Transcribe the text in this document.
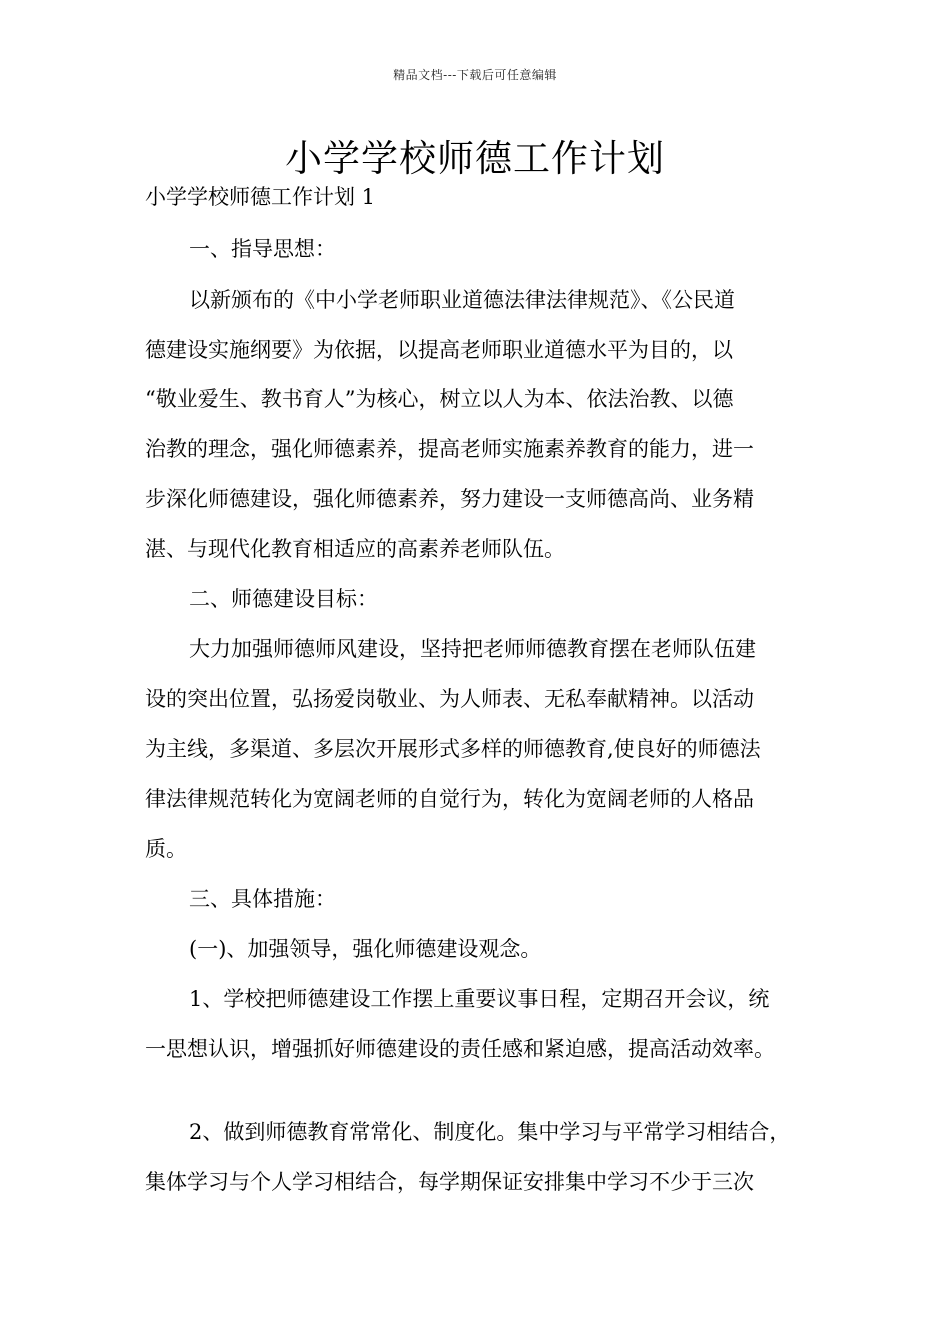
精品文档---下载后可任意编辑
小学学校师德工作计划
小学学校师德工作计划 1
一、指导思想：
以新颁布的《中小学老师职业道德法律法律规范》、《公民道
德建设实施纲要》为依据，以提高老师职业道德水平为目的，以
“敬业爱生、教书育人”为核心，树立以人为本、依法治教、以德
治教的理念，强化师德素养，提高老师实施素养教育的能力，进一
步深化师德建设，强化师德素养，努力建设一支师德高尚、业务精
湛、与现代化教育相适应的高素养老师队伍。
二、师德建设目标：
大力加强师德师风建设，坚持把老师师德教育摆在老师队伍建
设的突出位置，弘扬爱岗敬业、为人师表、无私奉献精神。以活动
为主线，多渠道、多层次开展形式多样的师德教育,使良好的师德法
律法律规范转化为宽阔老师的自觉行为，转化为宽阔老师的人格品
质。
三、具体措施：
(一)、加强领导，强化师德建设观念。
1、学校把师德建设工作摆上重要议事日程，定期召开会议，统
一思想认识，增强抓好师德建设的责任感和紧迫感，提高活动效率。
2、做到师德教育常常化、制度化。集中学习与平常学习相结合，
集体学习与个人学习相结合，每学期保证安排集中学习不少于三次
